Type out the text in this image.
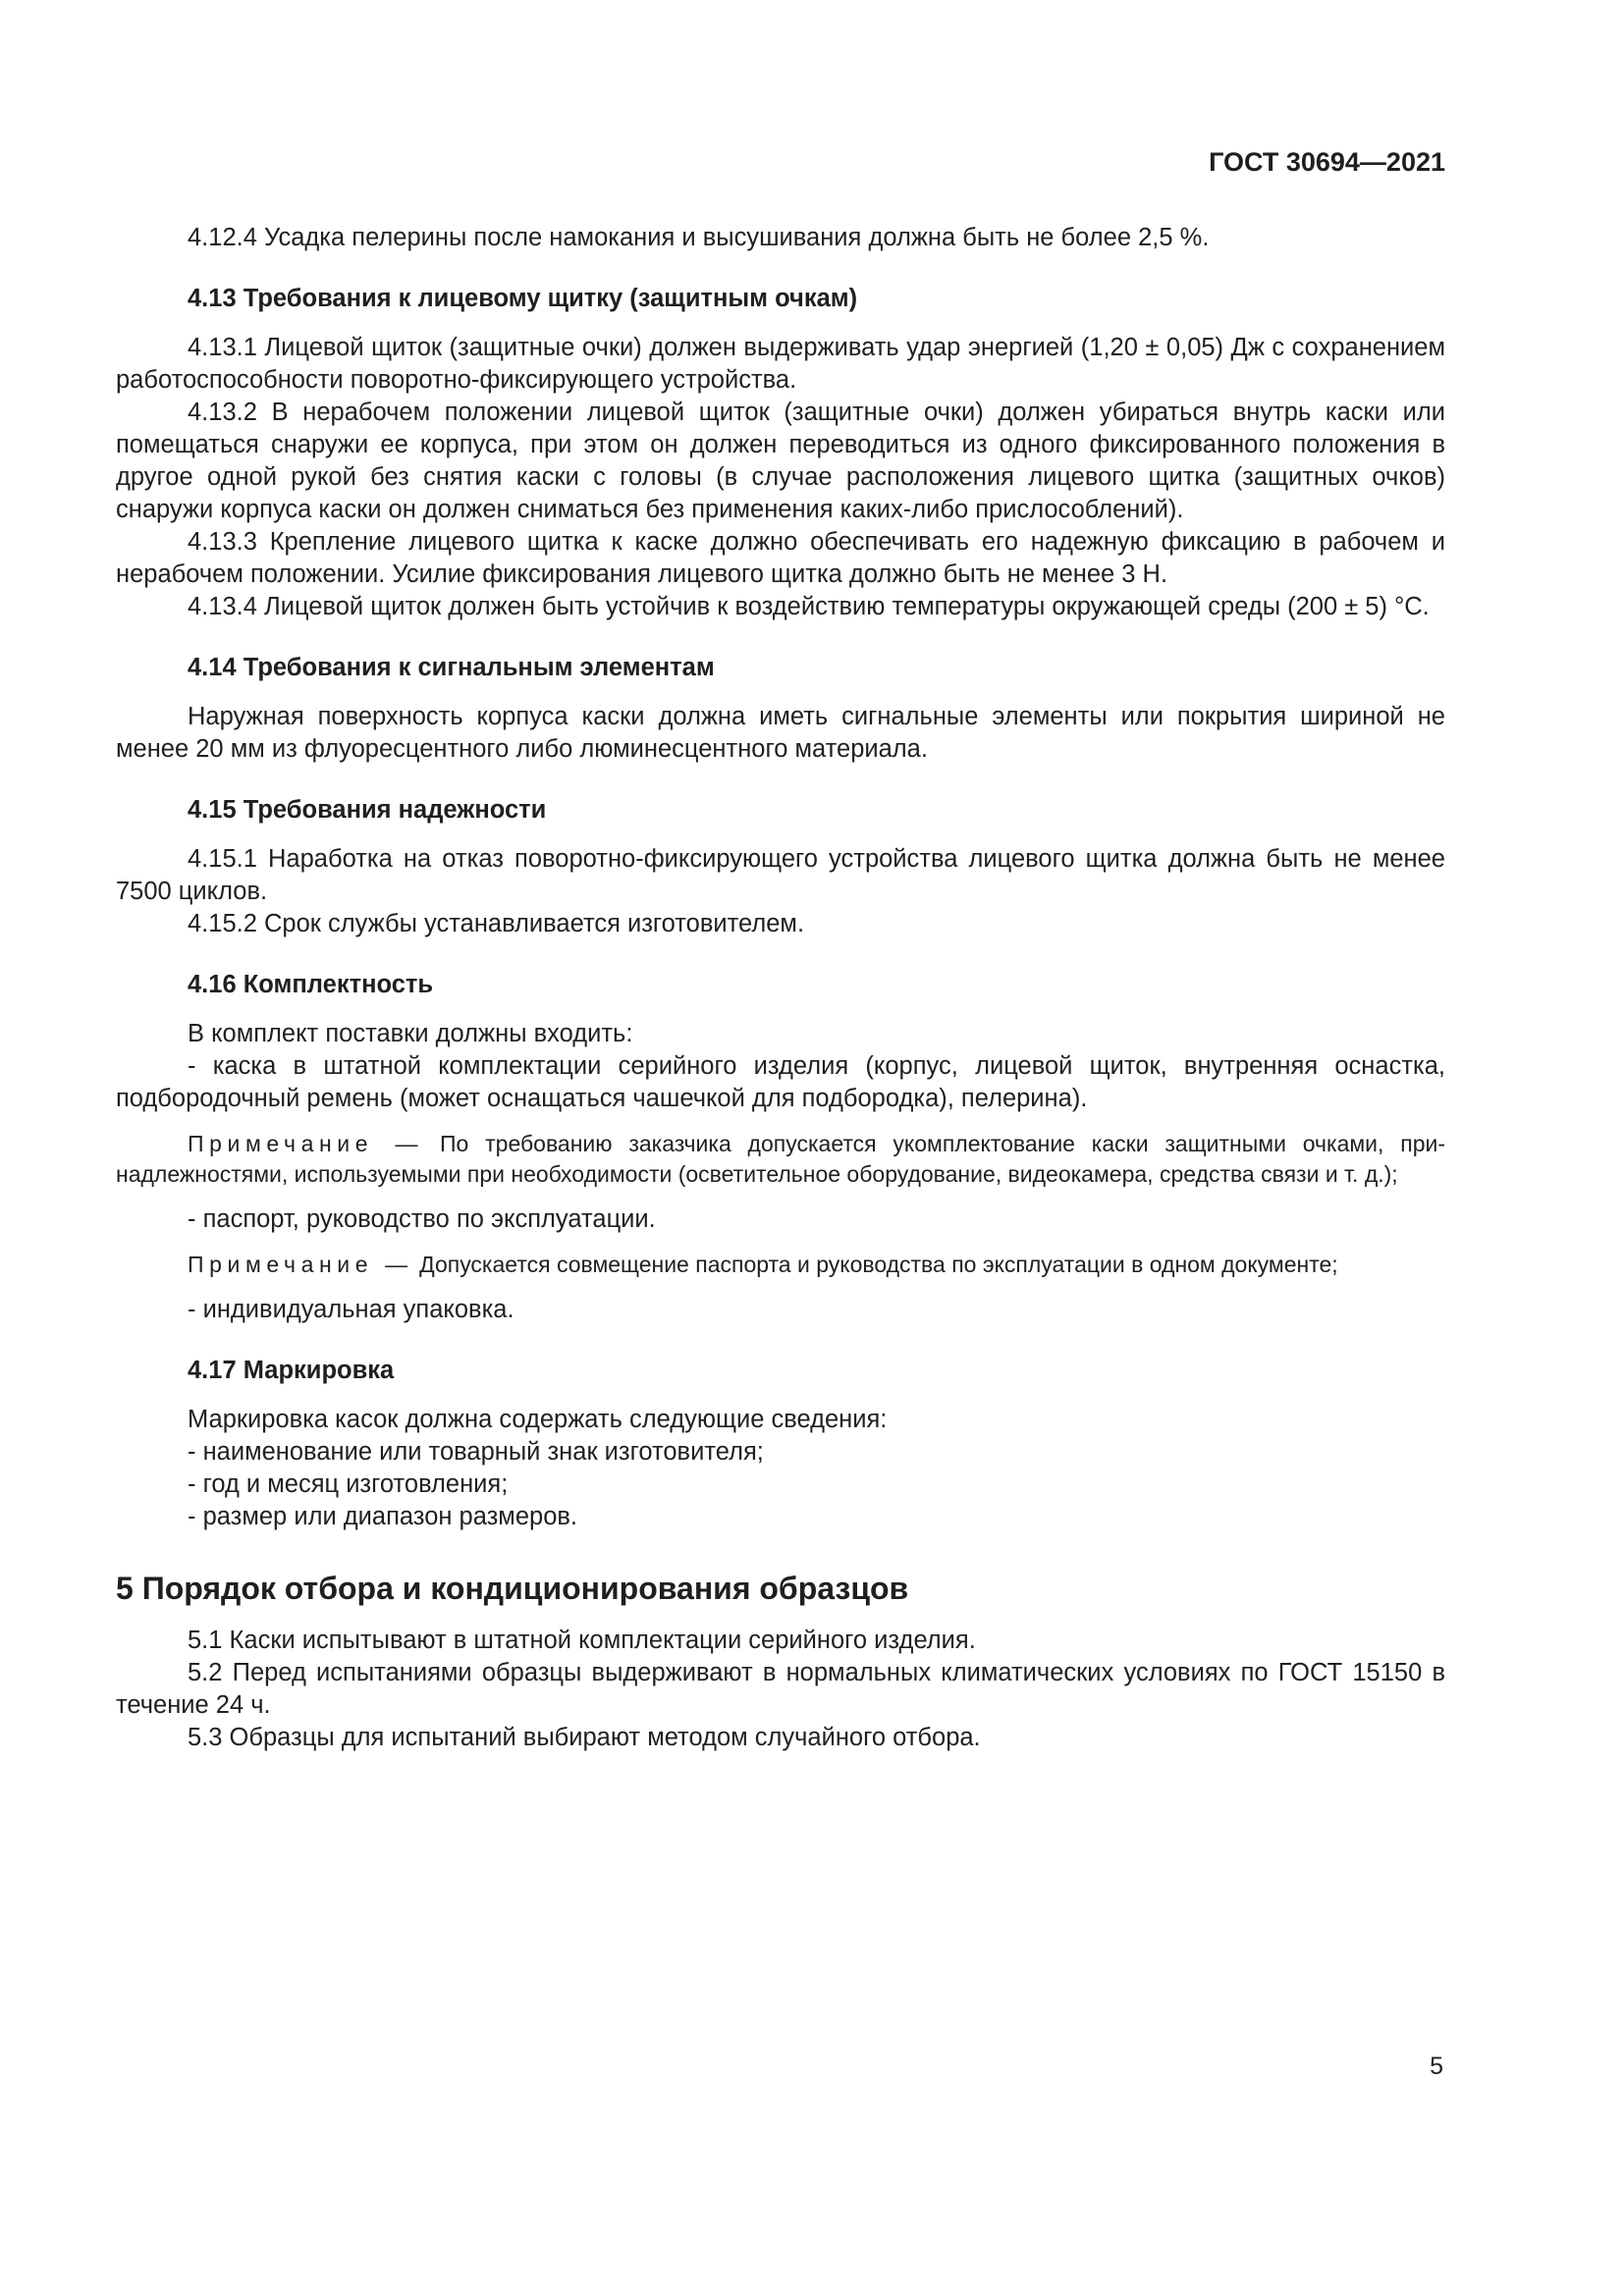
ГОСТ 30694—2021

4.12.4 Усадка пелерины после намокания и высушивания должна быть не более 2,5 %.

4.13 Требования к лицевому щитку (защитным очкам)

4.13.1 Лицевой щиток (защитные очки) должен выдерживать удар энергией (1,20 ± 0,05) Дж с сохранением работоспособности поворотно-фиксирующего устройства.

4.13.2 В нерабочем положении лицевой щиток (защитные очки) должен убираться внутрь каски или помещаться снаружи ее корпуса, при этом он должен переводиться из одного фиксированного положения в другое одной рукой без снятия каски с головы (в случае расположения лицевого щитка (защитных очков) снаружи корпуса каски он должен сниматься без применения каких-либо прислособлений).

4.13.3 Крепление лицевого щитка к каске должно обеспечивать его надежную фиксацию в рабочем и нерабочем положении. Усилие фиксирования лицевого щитка должно быть не менее 3 Н.

4.13.4 Лицевой щиток должен быть устойчив к воздействию температуры окружающей среды (200 ± 5) °C.

4.14 Требования к сигнальным элементам

Наружная поверхность корпуса каски должна иметь сигнальные элементы или покрытия шириной не менее 20 мм из флуоресцентного либо люминесцентного материала.

4.15 Требования надежности

4.15.1 Наработка на отказ поворотно-фиксирующего устройства лицевого щитка должна быть не менее 7500 циклов.

4.15.2 Срок службы устанавливается изготовителем.

4.16 Комплектность

В комплект поставки должны входить:

- каска в штатной комплектации серийного изделия (корпус, лицевой щиток, внутренняя оснастка, подбородочный ремень (может оснащаться чашечкой для подбородка), пелерина).

Примечание — По требованию заказчика допускается укомплектование каски защитными очками, принадлежностями, используемыми при необходимости (осветительное оборудование, видеокамера, средства связи и т. д.);

- паспорт, руководство по эксплуатации.

Примечание — Допускается совмещение паспорта и руководства по эксплуатации в одном документе;

- индивидуальная упаковка.

4.17 Маркировка

Маркировка касок должна содержать следующие сведения:

- наименование или товарный знак изготовителя;

- год и месяц изготовления;

- размер или диапазон размеров.

5 Порядок отбора и кондиционирования образцов

5.1 Каски испытывают в штатной комплектации серийного изделия.

5.2 Перед испытаниями образцы выдерживают в нормальных климатических условиях по ГОСТ 15150 в течение 24 ч.

5.3 Образцы для испытаний выбирают методом случайного отбора.

5
